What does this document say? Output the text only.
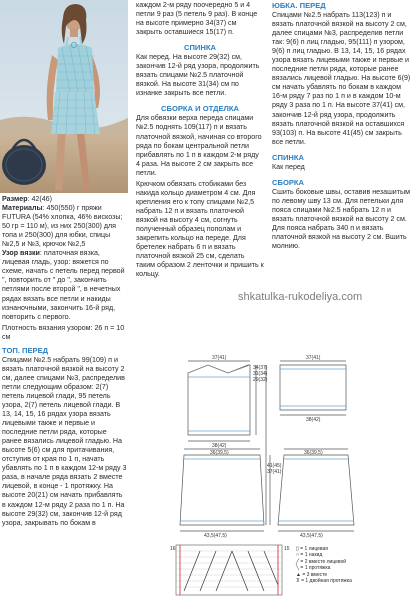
Размер: 42(46)

Материалы: 450(550) г пряжи FUTURA (54% хлопка, 46% вискозы; 50 гр = 110 м), из них 250(300) для топа и 250(300) для юбки, спицы №2,5 и №3, крючок №2,5

Узор вязки: платочная вязка, лицевая гладь, узор: вяжется по схеме, начать с петель перед первой ", повторить от " до ", закончить петлями после второй ", в нечетных рядах вязать все петли и накиды изнаночными, закончить 16-й ряд, повторить с первого.

Плотность вязания узором: 26 п = 10 см

ТОП. ПЕРЕД

Спицами №2.5 набрать 99(109) п и вязать платочной вязкой на высоту 2 см, далее спицами №3, распределив петли следующим образом: 2(7) петель лицевой глади, 95 петель узора, 2(7) петель лицевой глади. В 13, 14, 15, 16 рядах узора вязать лицевыми также и первые и последние петли ряда, которые ранее вязались лицевой гладью. На высоте 5(6) см для притачивания, отступив от края по 1 п, начать убавлять по 1 п в каждом 12-м ряду 3 раза, в начале ряда вязать 2 вместе лицевой, в конце - 1 протяжку. На высоте 20(21) см начать прибавлять в каждом 12-м ряду 2 раза по 1 п. На высоте 29(32) см, закончив 12-й ряд узора, закрывать по бокам в

каждом 2-м ряду поочередно 5 и 4 петли 9 раз (5 петель 9 раз). В конце на высоте примерно 34(37) см закрыть оставшиеся 15(17) п.

СПИНКА

Как перед. На высоте 29(32) см, закончив 12-й ряд узора, продолжить вязать спицами №2.5 платочной вязкой. На высоте 31(34) см по изнанке закрыть все петли.

СБОРКА И ОТДЕЛКА

Для обвязки верха переда спицами №2.5 поднять 109(117) п и вязать платочной вязкой, начиная со второго ряда по бокам центральной петли прибавлять по 1 п в каждом 2-м ряду 4 раза. На высоте 2 см закрыть все петли.

Крючком обвязать стобиками без накида кольцо диаметром 4 см. Для крепления его к топу спицами №2,5 набрать 12 п и вязать платочной вязкой на высоту 4 см, согнуть полученный образец пополам и закрепить кольцо на переде. Для бретелек набрать 6 п и вязать платочной вязкой 25 см, сделать таким образом 2 ленточки и пришить к кольцу.

ЮБКА. ПЕРЕД

Спицами №2.5 набрать 113(123) п и вязать платочной вязкой на высоту 2 см, далее спицами №3, распределив петли так: 9(6) п лиц гладью, 95(111) п узором, 9(6) п лиц гладью. В 13, 14, 15, 16 рядах узора вязать лицевыми также и первые и последние петли ряда, которые ранее вязались лицевой гладью. На высоте 6(9) см начать убавлять по бокам в каждом 16-м ряду 7 раз по 1 п и в каждом 10-м ряду 3 раза по 1 п. На высоте 37(41) см, закончив 12-й ряд узора, продолжить вязать платочной вязкой на оставшихся 93(103) п. На высоте 41(45) см закрыть все петли.

СПИНКА

Как перед

СБОРКА

Сшить боковые швы, оставив незашитым по левому шву 13 см. Для петельки для пояса спицами №2.5 набрать 12 п и вязать платочной вязкой на высоту 2 см. Для пояса набрать 340 п и вязать платочной вязкой на высоту 2 см. Вшить молнию.

shkatulka-rukodeliya.com
37(41)
34(37)
31(34)
29(32)
38(42)
36(39,5)
37(41)
38(42)
36(39,5)
41(45)
37(41)
43,5(47,5)	43,5(47,5)
16	15 ▯ = 1 лицевая
○ = 1 накид
╱ = 2 вместе лицевой
╲ = 1 протяжка
▲ = 3 вместе
⊼ = 1 двойная протяжка
